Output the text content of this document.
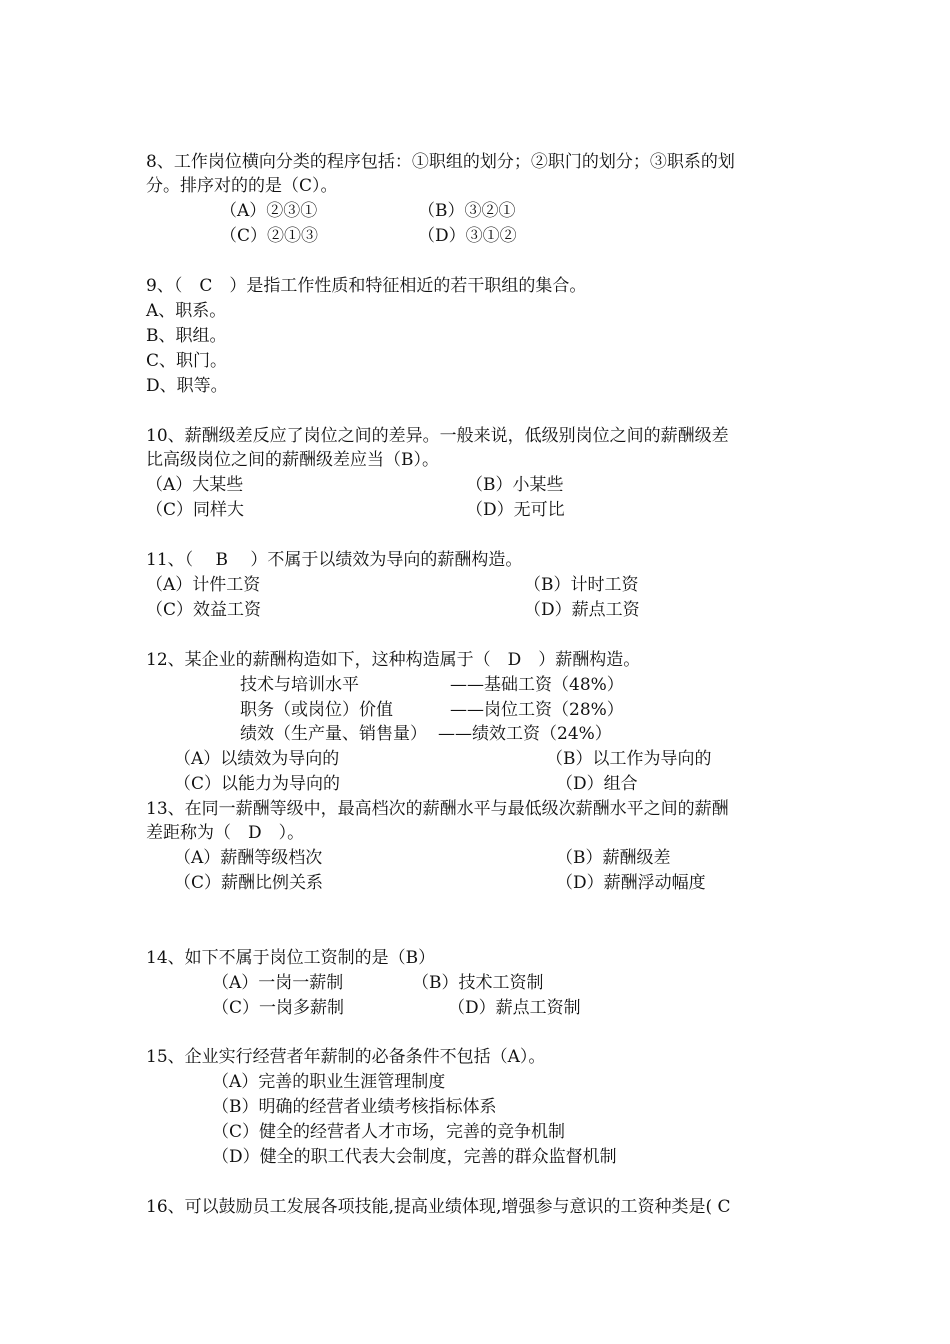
8、工作岗位横向分类的程序包括：①职组的划分；②职门的划分；③职系的划
分。排序对的的是（C）。
（A）②③①	（B）③②①
（C）②①③	（D）③①②
9、（　C　）是指工作性质和特征相近的若干职组的集合。
A、职系。
B、职组。
C、职门。
D、职等。
10、薪酬级差反应了岗位之间的差异。一般来说，低级别岗位之间的薪酬级差
比高级岗位之间的薪酬级差应当（B）。
（A）大某些	（B）小某些
（C）同样大	（D）无可比
11、（　 B　 ）不属于以绩效为导向的薪酬构造。
（A）计件工资	（B）计时工资
（C）效益工资	（D）薪点工资
12、某企业的薪酬构造如下，这种构造属于（　D　）薪酬构造。
技术与培训水平	——基础工资（48%）
职务（或岗位）价值	——岗位工资（28%）
绩效（生产量、销售量） ——绩效工资（24%）
（A）以绩效为导向的	（B）以工作为导向的
（C）以能力为导向的	（D）组合
13、在同一薪酬等级中，最高档次的薪酬水平与最低级次薪酬水平之间的薪酬
差距称为（　D　）。
（A）薪酬等级档次	（B）薪酬级差
（C）薪酬比例关系	（D）薪酬浮动幅度
14、如下不属于岗位工资制的是（B）
（A）一岗一薪制	（B）技术工资制
（C）一岗多薪制	（D）薪点工资制
15、企业实行经营者年薪制的必备条件不包括（A）。
（A）完善的职业生涯管理制度
（B）明确的经营者业绩考核指标体系
（C）健全的经营者人才市场，完善的竞争机制
（D）健全的职工代表大会制度，完善的群众监督机制
16、可以鼓励员工发展各项技能,提高业绩体现,增强参与意识的工资种类是( C
